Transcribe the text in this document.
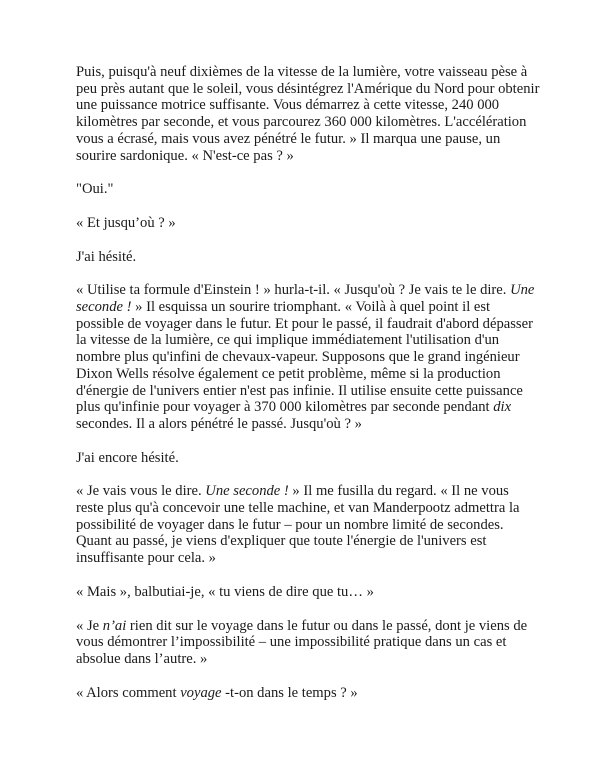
Puis, puisqu'à neuf dixièmes de la vitesse de la lumière, votre vaisseau pèse à peu près autant que le soleil, vous désintégrez l'Amérique du Nord pour obtenir une puissance motrice suffisante. Vous démarrez à cette vitesse, 240 000 kilomètres par seconde, et vous parcourez 360 000 kilomètres. L'accélération vous a écrasé, mais vous avez pénétré le futur. » Il marqua une pause, un sourire sardonique. « N'est-ce pas ? »

"Oui."

« Et jusqu’où ? »

J'ai hésité.

« Utilise ta formule d'Einstein ! » hurla-t-il. « Jusqu'où ? Je vais te le dire. Une seconde ! » Il esquissa un sourire triomphant. « Voilà à quel point il est possible de voyager dans le futur. Et pour le passé, il faudrait d'abord dépasser la vitesse de la lumière, ce qui implique immédiatement l'utilisation d'un nombre plus qu'infini de chevaux-vapeur. Supposons que le grand ingénieur Dixon Wells résolve également ce petit problème, même si la production d'énergie de l'univers entier n'est pas infinie. Il utilise ensuite cette puissance plus qu'infinie pour voyager à 370 000 kilomètres par seconde pendant dix secondes. Il a alors pénétré le passé. Jusqu'où ? »

J'ai encore hésité.

« Je vais vous le dire. Une seconde ! » Il me fusilla du regard. « Il ne vous reste plus qu'à concevoir une telle machine, et van Manderpootz admettra la possibilité de voyager dans le futur – pour un nombre limité de secondes. Quant au passé, je viens d'expliquer que toute l'énergie de l'univers est insuffisante pour cela. »

« Mais », balbutiai-je, « tu viens de dire que tu… »

« Je n’ai rien dit sur le voyage dans le futur ou dans le passé, dont je viens de vous démontrer l’impossibilité – une impossibilité pratique dans un cas et absolue dans l’autre. »

« Alors comment voyage -t-on dans le temps ? »
